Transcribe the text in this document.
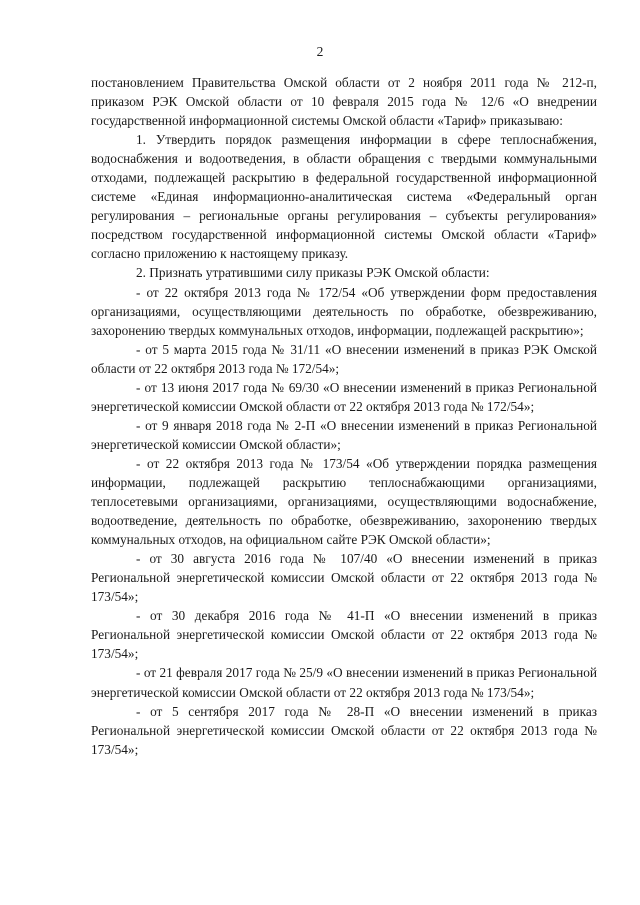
2

постановлением Правительства Омской области от 2 ноября 2011 года № 212-п, приказом РЭК Омской области от 10 февраля 2015 года № 12/6 «О внедрении государственной информационной системы Омской области «Тариф» приказываю:

1. Утвердить порядок размещения информации в сфере теплоснабжения, водоснабжения и водоотведения, в области обращения с твердыми коммунальными отходами, подлежащей раскрытию в федеральной государственной информационной системе «Единая информационно-аналитическая система «Федеральный орган регулирования – региональные органы регулирования – субъекты регулирования» посредством государственной информационной системы Омской области «Тариф» согласно приложению к настоящему приказу.

2. Признать утратившими силу приказы РЭК Омской области:

- от 22 октября 2013 года № 172/54 «Об утверждении форм предоставления организациями, осуществляющими деятельность по обработке, обезвреживанию, захоронению твердых коммунальных отходов, информации, подлежащей раскрытию»;

- от 5 марта 2015 года № 31/11 «О внесении изменений в приказ РЭК Омской области от 22 октября 2013 года № 172/54»;

- от 13 июня 2017 года № 69/30 «О внесении изменений в приказ Региональной энергетической комиссии Омской области от 22 октября 2013 года № 172/54»;

- от 9 января 2018 года № 2-П «О внесении изменений в приказ Региональной энергетической комиссии Омской области»;

- от 22 октября 2013 года № 173/54 «Об утверждении порядка размещения информации, подлежащей раскрытию теплоснабжающими организациями, теплосетевыми организациями, организациями, осуществляющими водоснабжение, водоотведение, деятельность по обработке, обезвреживанию, захоронению твердых коммунальных отходов, на официальном сайте РЭК Омской области»;

- от 30 августа 2016 года № 107/40 «О внесении изменений в приказ Региональной энергетической комиссии Омской области от 22 октября 2013 года № 173/54»;

- от 30 декабря 2016 года № 41-П «О внесении изменений в приказ Региональной энергетической комиссии Омской области от 22 октября 2013 года № 173/54»;

- от 21 февраля 2017 года № 25/9 «О внесении изменений в приказ Региональной энергетической комиссии Омской области от 22 октября 2013 года № 173/54»;

- от 5 сентября 2017 года № 28-П «О внесении изменений в приказ Региональной энергетической комиссии Омской области от 22 октября 2013 года № 173/54»;
